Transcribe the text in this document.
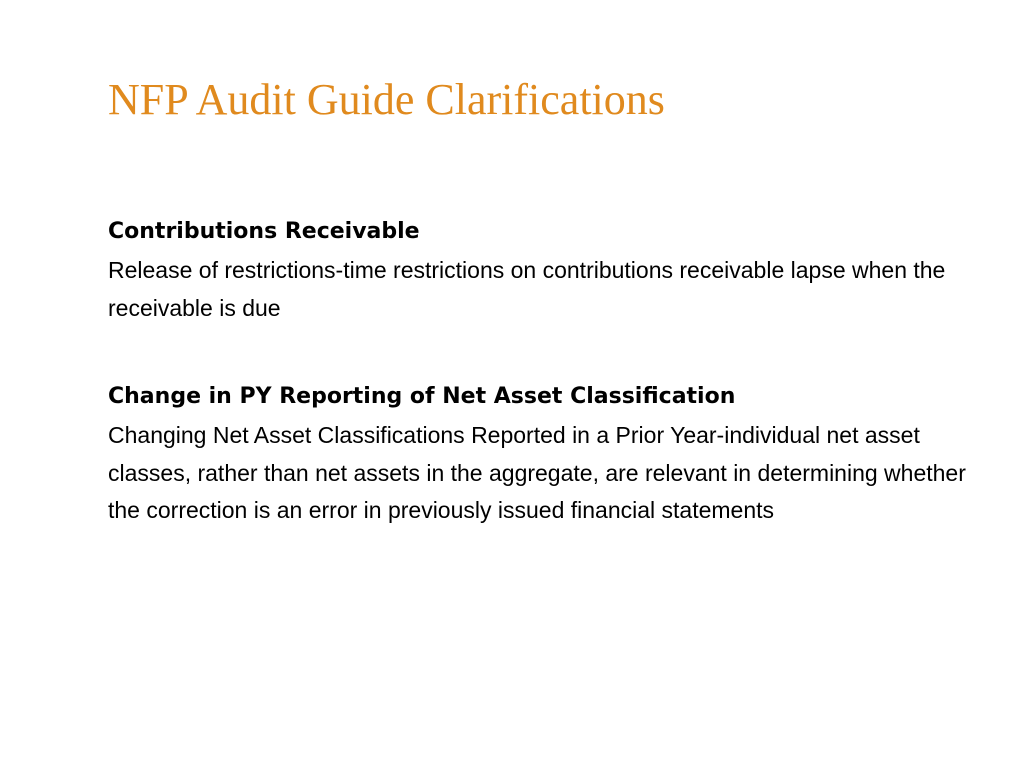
NFP Audit Guide Clarifications

Contributions Receivable

Release of restrictions-time restrictions on contributions receivable lapse when the receivable is due

Change in PY Reporting of Net Asset Classification

Changing Net Asset Classifications Reported in a Prior Year-individual net asset classes, rather than net assets in the aggregate, are relevant in determining whether the correction is an error in previously issued financial statements
